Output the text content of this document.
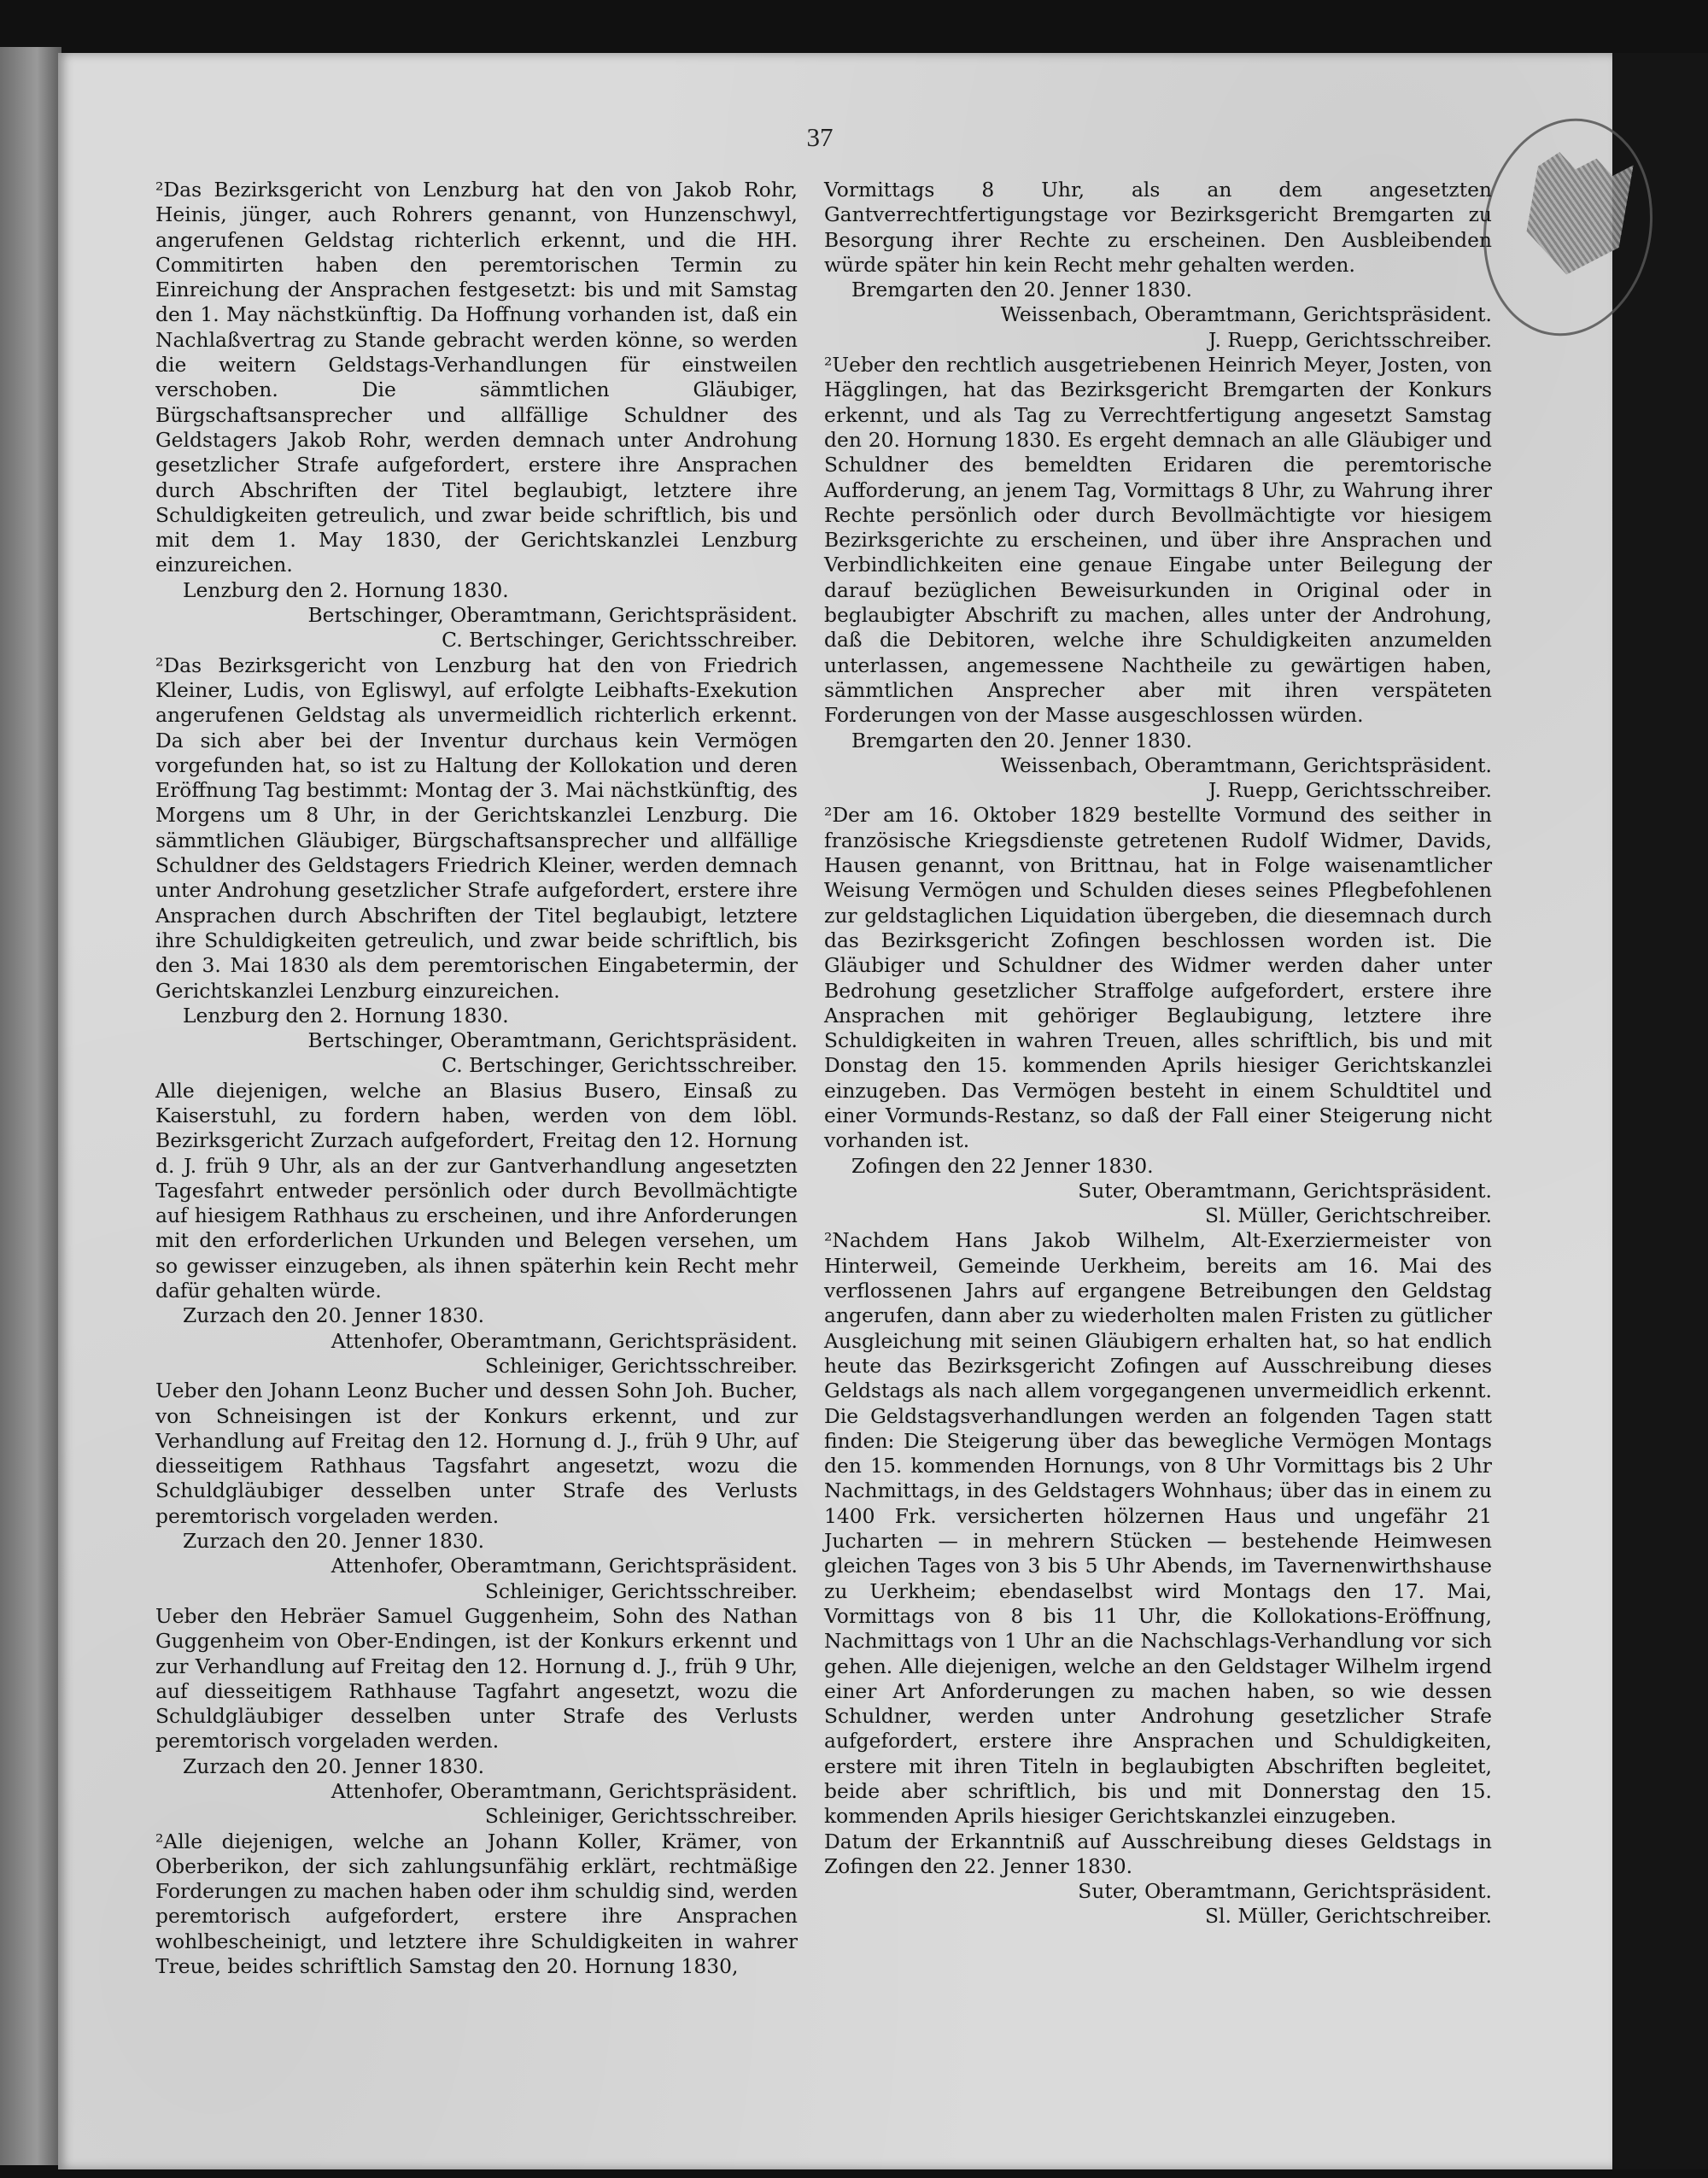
37

²Das Bezirksgericht von Lenzburg hat den von Jakob Rohr, Heinis, jünger, auch Rohrers genannt, von Hunzenschwyl, angerufenen Geldstag richterlich erkennt, und die HH. Commitirten haben den peremtorischen Termin zu Einreichung der Ansprachen festgesetzt: bis und mit Samstag den 1. May nächstkünftig. Da Hoffnung vorhanden ist, daß ein Nachlaßvertrag zu Stande gebracht werden könne, so werden die weitern Geldstags-Verhandlungen für einstweilen verschoben. Die sämmtlichen Gläubiger, Bürgschaftsansprecher und allfällige Schuldner des Geldstagers Jakob Rohr, werden demnach unter Androhung gesetzlicher Strafe aufgefordert, erstere ihre Ansprachen durch Abschriften der Titel beglaubigt, letztere ihre Schuldigkeiten getreulich, und zwar beide schriftlich, bis und mit dem 1. May 1830, der Gerichtskanzlei Lenzburg einzureichen.

Lenzburg den 2. Hornung 1830.

Bertschinger, Oberamtmann, Gerichtspräsident.

C. Bertschinger, Gerichtsschreiber.

²Das Bezirksgericht von Lenzburg hat den von Friedrich Kleiner, Ludis, von Egliswyl, auf erfolgte Leibhafts-Exekution angerufenen Geldstag als unvermeidlich richterlich erkennt. Da sich aber bei der Inventur durchaus kein Vermögen vorgefunden hat, so ist zu Haltung der Kollokation und deren Eröffnung Tag bestimmt: Montag der 3. Mai nächstkünftig, des Morgens um 8 Uhr, in der Gerichtskanzlei Lenzburg. Die sämmtlichen Gläubiger, Bürgschaftsansprecher und allfällige Schuldner des Geldstagers Friedrich Kleiner, werden demnach unter Androhung gesetzlicher Strafe aufgefordert, erstere ihre Ansprachen durch Abschriften der Titel beglaubigt, letztere ihre Schuldigkeiten getreulich, und zwar beide schriftlich, bis den 3. Mai 1830 als dem peremtorischen Eingabetermin, der Gerichtskanzlei Lenzburg einzureichen.

Lenzburg den 2. Hornung 1830.

Bertschinger, Oberamtmann, Gerichtspräsident.

C. Bertschinger, Gerichtsschreiber.

Alle diejenigen, welche an Blasius Busero, Einsaß zu Kaiserstuhl, zu fordern haben, werden von dem löbl. Bezirksgericht Zurzach aufgefordert, Freitag den 12. Hornung d. J. früh 9 Uhr, als an der zur Gantverhandlung angesetzten Tagesfahrt entweder persönlich oder durch Bevollmächtigte auf hiesigem Rathhaus zu erscheinen, und ihre Anforderungen mit den erforderlichen Urkunden und Belegen versehen, um so gewisser einzugeben, als ihnen späterhin kein Recht mehr dafür gehalten würde.

Zurzach den 20. Jenner 1830.

Attenhofer, Oberamtmann, Gerichtspräsident.

Schleiniger, Gerichtsschreiber.

Ueber den Johann Leonz Bucher und dessen Sohn Joh. Bucher, von Schneisingen ist der Konkurs erkennt, und zur Verhandlung auf Freitag den 12. Hornung d. J., früh 9 Uhr, auf diesseitigem Rathhaus Tagsfahrt angesetzt, wozu die Schuldgläubiger desselben unter Strafe des Verlusts peremtorisch vorgeladen werden.

Zurzach den 20. Jenner 1830.

Attenhofer, Oberamtmann, Gerichtspräsident.

Schleiniger, Gerichtsschreiber.

Ueber den Hebräer Samuel Guggenheim, Sohn des Nathan Guggenheim von Ober-Endingen, ist der Konkurs erkennt und zur Verhandlung auf Freitag den 12. Hornung d. J., früh 9 Uhr, auf diesseitigem Rathhause Tagfahrt angesetzt, wozu die Schuldgläubiger desselben unter Strafe des Verlusts peremtorisch vorgeladen werden.

Zurzach den 20. Jenner 1830.

Attenhofer, Oberamtmann, Gerichtspräsident.

Schleiniger, Gerichtsschreiber.

²Alle diejenigen, welche an Johann Koller, Krämer, von Oberberikon, der sich zahlungsunfähig erklärt, rechtmäßige Forderungen zu machen haben oder ihm schuldig sind, werden peremtorisch aufgefordert, erstere ihre Ansprachen wohlbescheinigt, und letztere ihre Schuldigkeiten in wahrer Treue, beides schriftlich Samstag den 20. Hornung 1830,

Vormittags 8 Uhr, als an dem angesetzten Gantverrechtfertigungstage vor Bezirksgericht Bremgarten zu Besorgung ihrer Rechte zu erscheinen. Den Ausbleibenden würde später hin kein Recht mehr gehalten werden.

Bremgarten den 20. Jenner 1830.

Weissenbach, Oberamtmann, Gerichtspräsident.

J. Ruepp, Gerichtsschreiber.

²Ueber den rechtlich ausgetriebenen Heinrich Meyer, Josten, von Hägglingen, hat das Bezirksgericht Bremgarten der Konkurs erkennt, und als Tag zu Verrechtfertigung angesetzt Samstag den 20. Hornung 1830. Es ergeht demnach an alle Gläubiger und Schuldner des bemeldten Eridaren die peremtorische Aufforderung, an jenem Tag, Vormittags 8 Uhr, zu Wahrung ihrer Rechte persönlich oder durch Bevollmächtigte vor hiesigem Bezirksgerichte zu erscheinen, und über ihre Ansprachen und Verbindlichkeiten eine genaue Eingabe unter Beilegung der darauf bezüglichen Beweisurkunden in Original oder in beglaubigter Abschrift zu machen, alles unter der Androhung, daß die Debitoren, welche ihre Schuldigkeiten anzumelden unterlassen, angemessene Nachtheile zu gewärtigen haben, sämmtlichen Ansprecher aber mit ihren verspäteten Forderungen von der Masse ausgeschlossen würden.

Bremgarten den 20. Jenner 1830.

Weissenbach, Oberamtmann, Gerichtspräsident.

J. Ruepp, Gerichtsschreiber.

²Der am 16. Oktober 1829 bestellte Vormund des seither in französische Kriegsdienste getretenen Rudolf Widmer, Davids, Hausen genannt, von Brittnau, hat in Folge waisenamtlicher Weisung Vermögen und Schulden dieses seines Pflegbefohlenen zur geldstaglichen Liquidation übergeben, die diesemnach durch das Bezirksgericht Zofingen beschlossen worden ist. Die Gläubiger und Schuldner des Widmer werden daher unter Bedrohung gesetzlicher Straffolge aufgefordert, erstere ihre Ansprachen mit gehöriger Beglaubigung, letztere ihre Schuldigkeiten in wahren Treuen, alles schriftlich, bis und mit Donstag den 15. kommenden Aprils hiesiger Gerichtskanzlei einzugeben. Das Vermögen besteht in einem Schuldtitel und einer Vormunds-Restanz, so daß der Fall einer Steigerung nicht vorhanden ist.

Zofingen den 22 Jenner 1830.

Suter, Oberamtmann, Gerichtspräsident.

Sl. Müller, Gerichtschreiber.

²Nachdem Hans Jakob Wilhelm, Alt-Exerziermeister von Hinterweil, Gemeinde Uerkheim, bereits am 16. Mai des verflossenen Jahrs auf ergangene Betreibungen den Geldstag angerufen, dann aber zu wiederholten malen Fristen zu gütlicher Ausgleichung mit seinen Gläubigern erhalten hat, so hat endlich heute das Bezirksgericht Zofingen auf Ausschreibung dieses Geldstags als nach allem vorgegangenen unvermeidlich erkennt. Die Geldstagsverhandlungen werden an folgenden Tagen statt finden: Die Steigerung über das bewegliche Vermögen Montags den 15. kommenden Hornungs, von 8 Uhr Vormittags bis 2 Uhr Nachmittags, in des Geldstagers Wohnhaus; über das in einem zu 1400 Frk. versicherten hölzernen Haus und ungefähr 21 Jucharten — in mehrern Stücken — bestehende Heimwesen gleichen Tages von 3 bis 5 Uhr Abends, im Tavernenwirthshause zu Uerkheim; ebendaselbst wird Montags den 17. Mai, Vormittags von 8 bis 11 Uhr, die Kollokations-Eröffnung, Nachmittags von 1 Uhr an die Nachschlags-Verhandlung vor sich gehen. Alle diejenigen, welche an den Geldstager Wilhelm irgend einer Art Anforderungen zu machen haben, so wie dessen Schuldner, werden unter Androhung gesetzlicher Strafe aufgefordert, erstere ihre Ansprachen und Schuldigkeiten, erstere mit ihren Titeln in beglaubigten Abschriften begleitet, beide aber schriftlich, bis und mit Donnerstag den 15. kommenden Aprils hiesiger Gerichtskanzlei einzugeben.

Datum der Erkanntniß auf Ausschreibung dieses Geldstags in Zofingen den 22. Jenner 1830.

Suter, Oberamtmann, Gerichtspräsident.

Sl. Müller, Gerichtschreiber.
